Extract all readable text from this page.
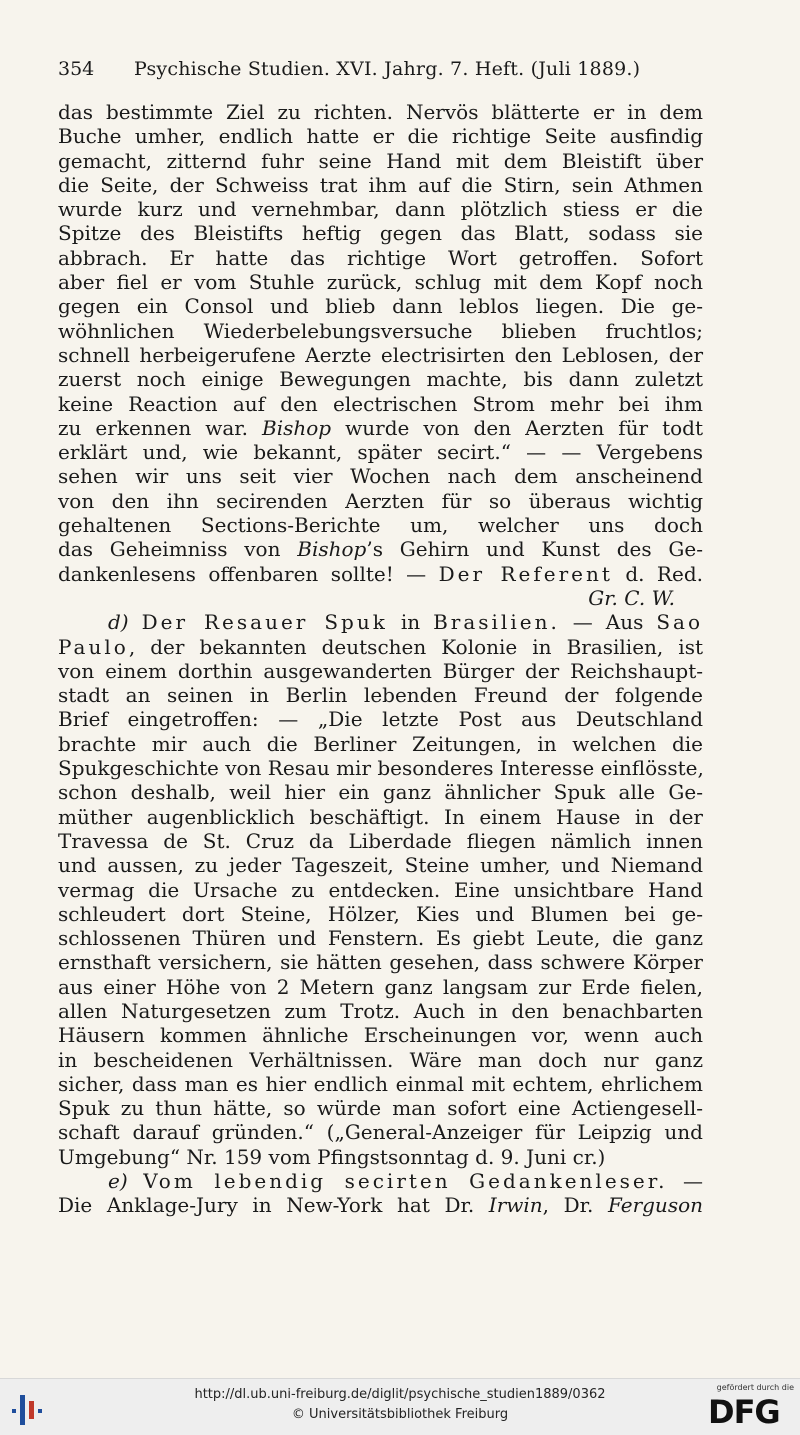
354 Psychische Studien. XVI. Jahrg. 7. Heft. (Juli 1889.)
das bestimmte Ziel zu richten. Nervös blätterte er in dem
Buche umher, endlich hatte er die richtige Seite ausfindig
gemacht, zitternd fuhr seine Hand mit dem Bleistift über
die Seite, der Schweiss trat ihm auf die Stirn, sein Athmen
wurde kurz und vernehmbar, dann plötzlich stiess er die
Spitze des Bleistifts heftig gegen das Blatt, sodass sie
abbrach. Er hatte das richtige Wort getroffen. Sofort
aber fiel er vom Stuhle zurück, schlug mit dem Kopf noch
gegen ein Consol und blieb dann leblos liegen. Die ge-
wöhnlichen Wiederbelebungsversuche blieben fruchtlos;
schnell herbeigerufene Aerzte electrisirten den Leblosen, der
zuerst noch einige Bewegungen machte, bis dann zuletzt
keine Reaction auf den electrischen Strom mehr bei ihm
zu erkennen war. Bishop wurde von den Aerzten für todt
erklärt und, wie bekannt, später secirt.“ — — Vergebens
sehen wir uns seit vier Wochen nach dem anscheinend
von den ihn secirenden Aerzten für so überaus wichtig
gehaltenen Sections-Berichte um, welcher uns doch
das Geheimniss von Bishop’s Gehirn und Kunst des Ge-
dankenlesens offenbaren sollte! — Der Referent d. Red.
Gr. C. W.
d) Der Resauer Spuk in Brasilien. — Aus Sao
Paulo, der bekannten deutschen Kolonie in Brasilien, ist
von einem dorthin ausgewanderten Bürger der Reichshaupt-
stadt an seinen in Berlin lebenden Freund der folgende
Brief eingetroffen: — „Die letzte Post aus Deutschland
brachte mir auch die Berliner Zeitungen, in welchen die
Spukgeschichte von Resau mir besonderes Interesse einflösste,
schon deshalb, weil hier ein ganz ähnlicher Spuk alle Ge-
müther augenblicklich beschäftigt. In einem Hause in der
Travessa de St. Cruz da Liberdade fliegen nämlich innen
und aussen, zu jeder Tageszeit, Steine umher, und Niemand
vermag die Ursache zu entdecken. Eine unsichtbare Hand
schleudert dort Steine, Hölzer, Kies und Blumen bei ge-
schlossenen Thüren und Fenstern. Es giebt Leute, die ganz
ernsthaft versichern, sie hätten gesehen, dass schwere Körper
aus einer Höhe von 2 Metern ganz langsam zur Erde fielen,
allen Naturgesetzen zum Trotz. Auch in den benachbarten
Häusern kommen ähnliche Erscheinungen vor, wenn auch
in bescheidenen Verhältnissen. Wäre man doch nur ganz
sicher, dass man es hier endlich einmal mit echtem, ehrlichem
Spuk zu thun hätte, so würde man sofort eine Actiengesell-
schaft darauf gründen.“ („General-Anzeiger für Leipzig und
Umgebung“ Nr. 159 vom Pfingstsonntag d. 9. Juni cr.)
e) Vom lebendig secirten Gedankenleser. —
Die Anklage-Jury in New-York hat Dr. Irwin, Dr. Ferguson
http://dl.ub.uni-freiburg.de/diglit/psychische_studien1889/0362
© Universitätsbibliothek Freiburg
gefördert durch die
DFG
